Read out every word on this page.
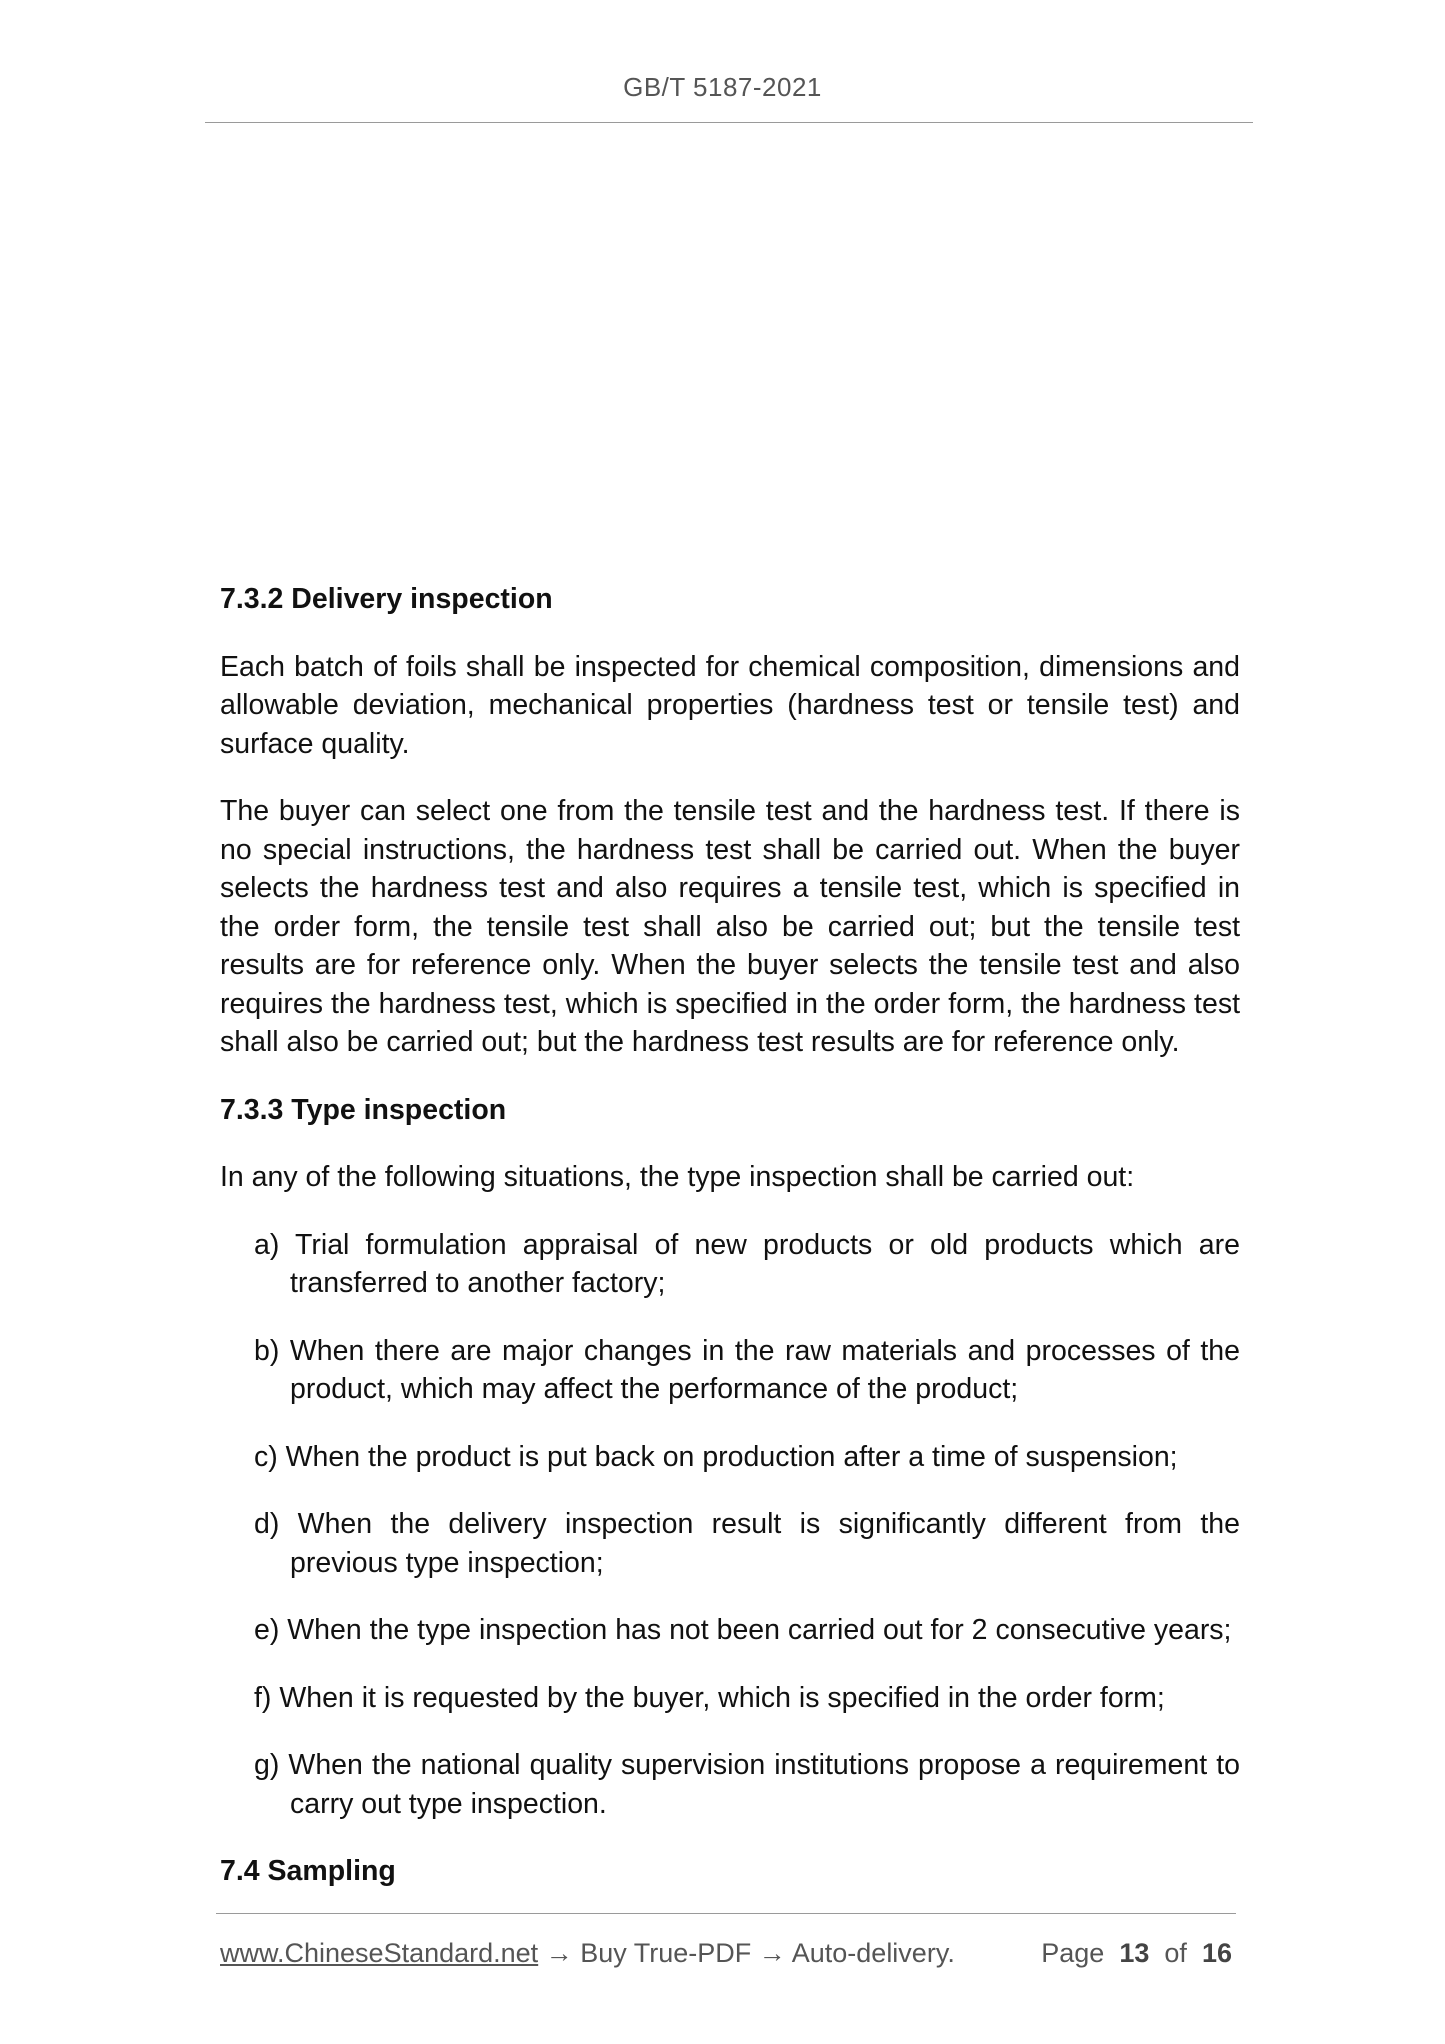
GB/T 5187-2021
7.3.2 Delivery inspection

Each batch of foils shall be inspected for chemical composition, dimensions and allowable deviation, mechanical properties (hardness test or tensile test) and surface quality.

The buyer can select one from the tensile test and the hardness test. If there is no special instructions, the hardness test shall be carried out. When the buyer selects the hardness test and also requires a tensile test, which is specified in the order form, the tensile test shall also be carried out; but the tensile test results are for reference only. When the buyer selects the tensile test and also requires the hardness test, which is specified in the order form, the hardness test shall also be carried out; but the hardness test results are for reference only.

7.3.3 Type inspection

In any of the following situations, the type inspection shall be carried out:

a) Trial formulation appraisal of new products or old products which are transferred to another factory;
b) When there are major changes in the raw materials and processes of the product, which may affect the performance of the product;
c) When the product is put back on production after a time of suspension;
d) When the delivery inspection result is significantly different from the previous type inspection;
e) When the type inspection has not been carried out for 2 consecutive years;
f) When it is requested by the buyer, which is specified in the order form;
g) When the national quality supervision institutions propose a requirement to carry out type inspection.
7.4 Sampling
www.ChineseStandard.net → Buy True-PDF → Auto-delivery.	Page 13 of 16
